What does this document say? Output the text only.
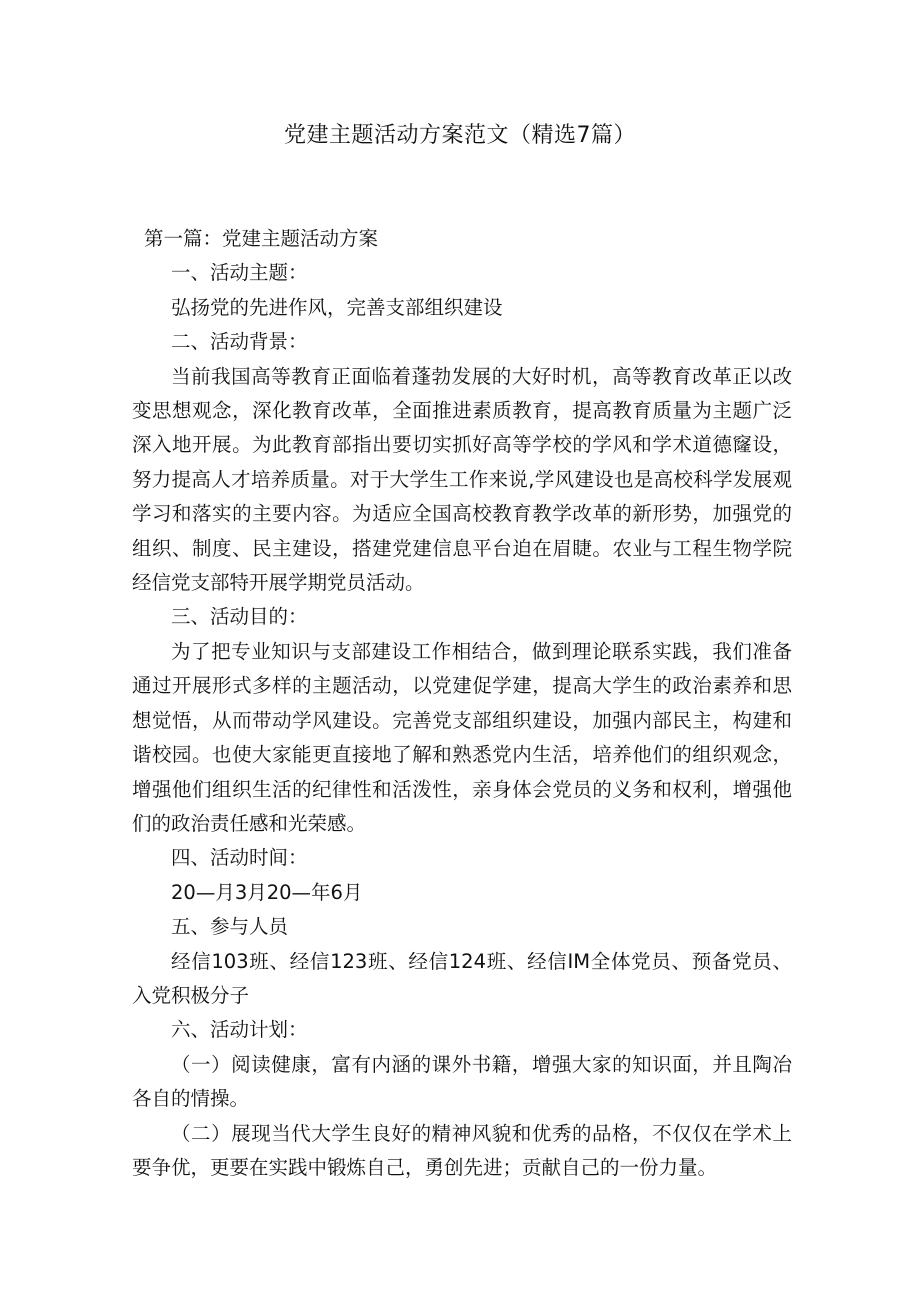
党建主题活动方案范文（精选7篇）

第一篇：党建主题活动方案

一、活动主题：

弘扬党的先进作风，完善支部组织建设

二、活动背景：

当前我国高等教育正面临着蓬勃发展的大好时机，高等教育改革正以改变思想观念，深化教育改革，全面推进素质教育，提高教育质量为主题广泛深入地开展。为此教育部指出要切实抓好高等学校的学风和学术道德窿设，努力提高人才培养质量。对于大学生工作来说,学风建设也是高校科学发展观学习和落实的主要内容。为适应全国高校教育教学改革的新形势，加强党的组织、制度、民主建设，搭建党建信息平台迫在眉睫。农业与工程生物学院经信党支部特开展学期党员活动。

三、活动目的：

为了把专业知识与支部建设工作相结合，做到理论联系实践，我们准备通过开展形式多样的主题活动，以党建促学建，提高大学生的政治素养和思想觉悟，从而带动学风建设。完善党支部组织建设，加强内部民主，构建和谐校园。也使大家能更直接地了解和熟悉党内生活，培养他们的组织观念，增强他们组织生活的纪律性和活泼性，亲身体会党员的义务和权利，增强他们的政治责任感和光荣感。

四、活动时间：

20—月3月20—年6月

五、参与人员

经信103班、经信123班、经信124班、经信IM全体党员、预备党员、入党积极分子

六、活动计划：

（一）阅读健康，富有内涵的课外书籍，增强大家的知识面，并且陶冶各自的情操。

（二）展现当代大学生良好的精神风貌和优秀的品格，不仅仅在学术上要争优，更要在实践中锻炼自己，勇创先进；贡献自己的一份力量。
